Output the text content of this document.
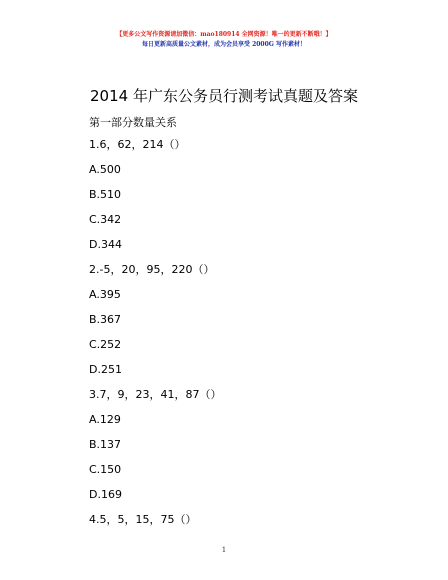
【更多公文写作资源请加微信：mao180914 全网资源！唯一的更新不断哦！】
每日更新高质量公文素材，成为会员享受 2000G 写作素材！
2014 年广东公务员行测考试真题及答案
第一部分数量关系
1.6，62，214（）
A.500
B.510
C.342
D.344
2.-5，20，95，220（）
A.395
B.367
C.252
D.251
3.7，9，23，41，87（）
A.129
B.137
C.150
D.169
4.5，5，15，75（）
1
